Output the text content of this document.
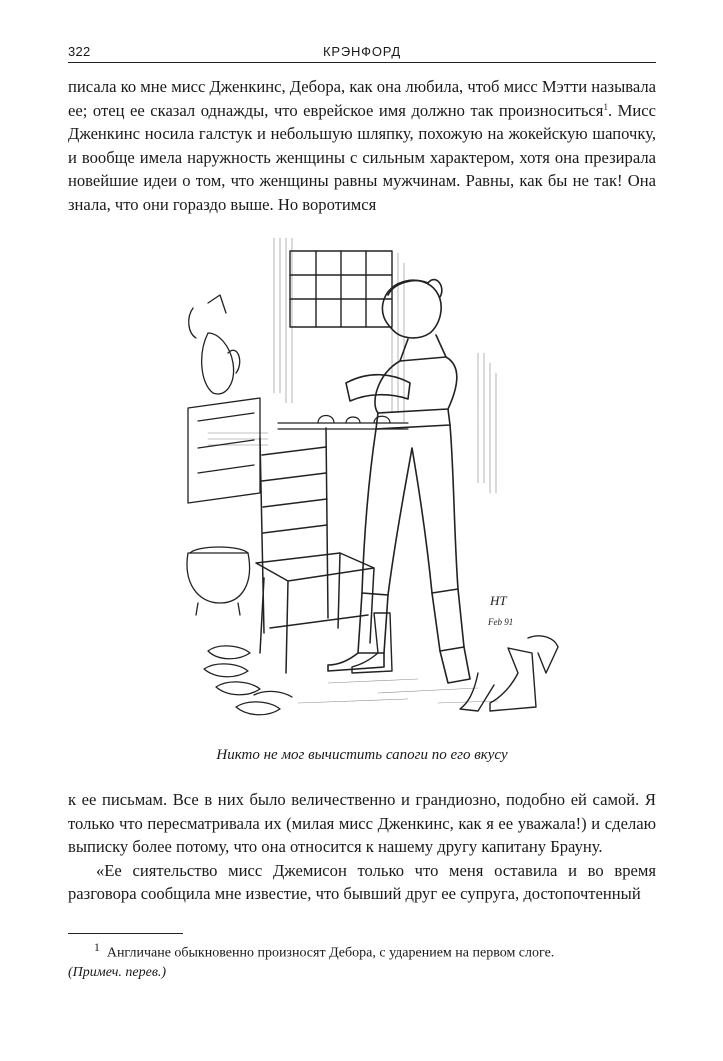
322	КРЭНФОРД

писала ко мне мисс Дженкинс, Дебора, как она любила, чтоб мисс Мэтти называла ее; отец ее сказал однажды, что еврейское имя должно так произноситься$^1$. Мисс Дженкинс носила галстук и небольшую шляпку, похожую на жокейскую шапочку, и вообще имела наружность женщины с сильным характером, хотя она презирала новейшие идеи о том, что женщины равны мужчинам. Равны, как бы не так! Она знала, что они гораздо выше. Но воротимся

HT
Feb 91
Никто не мог вычистить сапоги по его вкусу

к ее письмам. Все в них было величественно и грандиозно, подобно ей самой. Я только что пересматривала их (милая мисс Дженкинс, как я ее уважала!) и сделаю выписку более потому, что она относится к нашему другу капитану Брауну.

«Ее сиятельство мисс Джемисон только что меня оставила и во время разговора сообщила мне известие, что бывший друг ее супруга, достопочтенный

$^1$ Англичане обыкновенно произносят Дебора, с ударением на первом слоге.

(Примеч. перев.)
